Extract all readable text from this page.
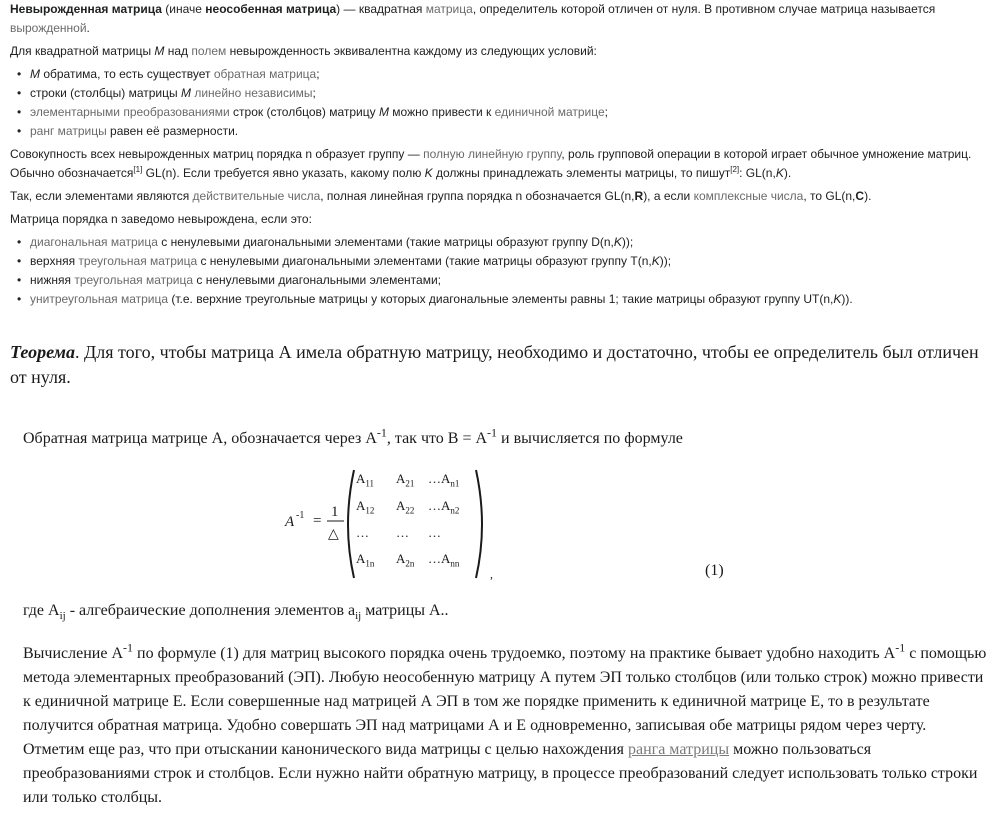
Невырожденная матрица (иначе неособенная матрица) — квадратная матрица, определитель которой отличен от нуля. В противном случае матрица называется вырожденной.

Для квадратной матрицы M над полем невырожденность эквивалентна каждому из следующих условий:

• M обратима, то есть существует обратная матрица;
• строки (столбцы) матрицы M линейно независимы;
• элементарными преобразованиями строк (столбцов) матрицу M можно привести к единичной матрице;
• ранг матрицы равен её размерности.

Совокупность всех невырожденных матриц порядка n образует группу — полную линейную группу, роль групповой операции в которой играет обычное умножение матриц. Обычно обозначается[1] GL(n). Если требуется явно указать, какому полю K должны принадлежать элементы матрицы, то пишут[2]: GL(n,K).

Так, если элементами являются действительные числа, полная линейная группа порядка n обозначается GL(n,R), а если комплексные числа, то GL(n,C).

Матрица порядка n заведомо невырождена, если это:

• диагональная матрица с ненулевыми диагональными элементами (такие матрицы образуют группу D(n,K));
• верхняя треугольная матрица с ненулевыми диагональными элементами (такие матрицы образуют группу T(n,K));
• нижняя треугольная матрица с ненулевыми диагональными элементами;
• унитреугольная матрица (т.е. верхние треугольные матрицы у которых диагональные элементы равны 1; такие матрицы образуют группу UT(n,K)).

Теорема. Для того, чтобы матрица А имела обратную матрицу, необходимо и достаточно, чтобы ее определитель был отличен от нуля.

Обратная матрица матрице А, обозначается через $А^{-1}$, так что $В = А^{-1}$ и вычисляется по формуле

A -1 =
1
△
,
$A_{11}$ $A_{21}$ $\dots A_{n1}$
$A_{12}$ $A_{22}$ $\dots A_{n2}$
… … …
$A_{1n}$ $A_{2n}$ $\dots A_{nn}$	(1)

где $А_{ij}$ - алгебраические дополнения элементов $а_{ij}$ матрицы А..

Вычисление $А^{-1}$ по формуле (1) для матриц высокого порядка очень трудоемко, поэтому на практике бывает удобно находить $А^{-1}$ с помощью метода элементарных преобразований (ЭП). Любую неособенную матрицу А путем ЭП только столбцов (или только строк) можно привести к единичной матрице Е. Если совершенные над матрицей А ЭП в том же порядке применить к единичной матрице Е, то в результате получится обратная матрица. Удобно совершать ЭП над матрицами А и Е одновременно, записывая обе матрицы рядом через черту. Отметим еще раз, что при отыскании канонического вида матрицы с целью нахождения ранга матрицы можно пользоваться преобразованиями строк и столбцов. Если нужно найти обратную матрицу, в процессе преобразований следует использовать только строки или только столбцы.
